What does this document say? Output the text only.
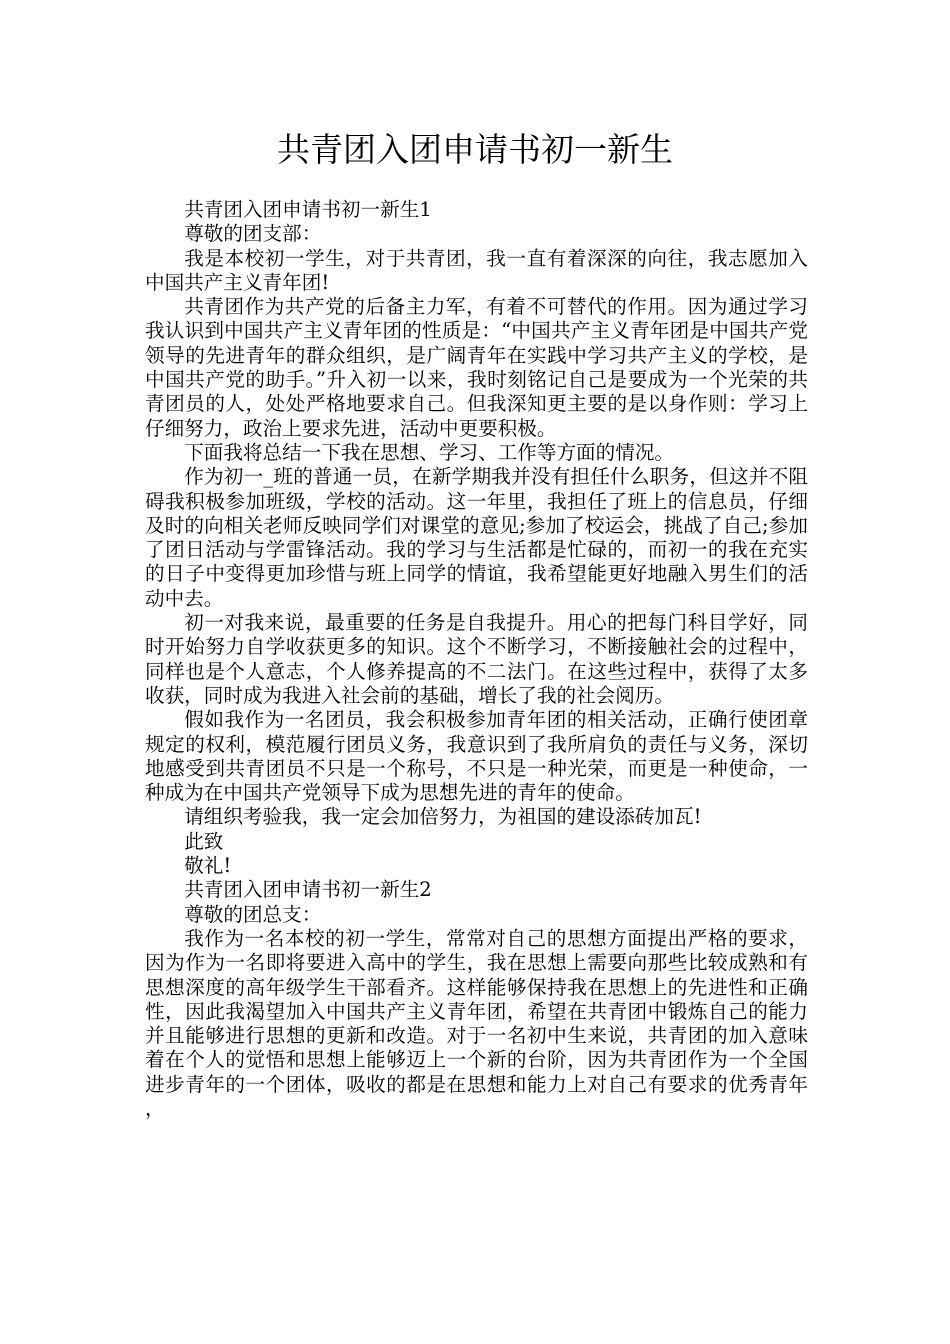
共青团入团申请书初一新生

共青团入团申请书初一新生1

尊敬的团支部：

我是本校初一学生，对于共青团，我一直有着深深的向往，我志愿加入中国共产主义青年团!

共青团作为共产党的后备主力军，有着不可替代的作用。因为通过学习我认识到中国共产主义青年团的性质是：“中国共产主义青年团是中国共产党领导的先进青年的群众组织，是广阔青年在实践中学习共产主义的学校，是中国共产党的助手。”升入初一以来，我时刻铭记自己是要成为一个光荣的共青团员的人，处处严格地要求自己。但我深知更主要的是以身作则：学习上仔细努力，政治上要求先进，活动中更要积极。

下面我将总结一下我在思想、学习、工作等方面的情况。

作为初一_班的普通一员，在新学期我并没有担任什么职务，但这并不阻碍我积极参加班级，学校的活动。这一年里，我担任了班上的信息员，仔细及时的向相关老师反映同学们对课堂的意见;参加了校运会，挑战了自己;参加了团日活动与学雷锋活动。我的学习与生活都是忙碌的，而初一的我在充实的日子中变得更加珍惜与班上同学的情谊，我希望能更好地融入男生们的活动中去。

初一对我来说，最重要的任务是自我提升。用心的把每门科目学好，同时开始努力自学收获更多的知识。这个不断学习，不断接触社会的过程中，同样也是个人意志，个人修养提高的不二法门。在这些过程中，获得了太多收获，同时成为我进入社会前的基础，增长了我的社会阅历。

假如我作为一名团员，我会积极参加青年团的相关活动，正确行使团章规定的权利，模范履行团员义务，我意识到了我所肩负的责任与义务，深切地感受到共青团员不只是一个称号，不只是一种光荣，而更是一种使命，一种成为在中国共产党领导下成为思想先进的青年的使命。

请组织考验我，我一定会加倍努力，为祖国的建设添砖加瓦!

此致

敬礼!

共青团入团申请书初一新生2

尊敬的团总支：

我作为一名本校的初一学生，常常对自己的思想方面提出严格的要求，因为作为一名即将要进入高中的学生，我在思想上需要向那些比较成熟和有思想深度的高年级学生干部看齐。这样能够保持我在思想上的先进性和正确性，因此我渴望加入中国共产主义青年团，希望在共青团中锻炼自己的能力并且能够进行思想的更新和改造。对于一名初中生来说，共青团的加入意味着在个人的觉悟和思想上能够迈上一个新的台阶，因为共青团作为一个全国进步青年的一个团体，吸收的都是在思想和能力上对自己有要求的优秀青年，
